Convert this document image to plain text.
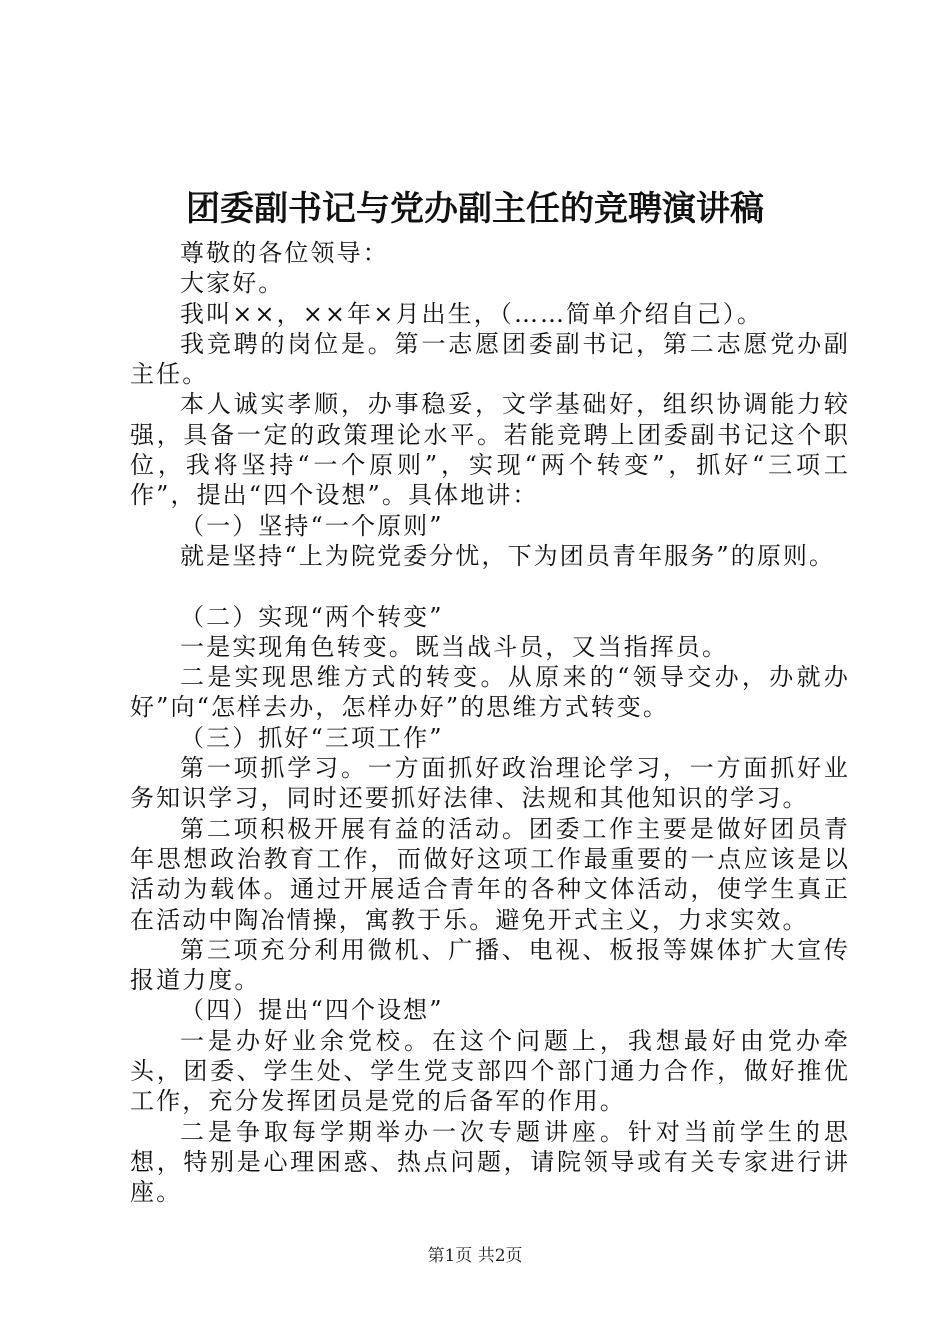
团委副书记与党办副主任的竞聘演讲稿

尊敬的各位领导：

大家好。

我叫××，××年×月出生，（……简单介绍自己）。

我竞聘的岗位是。第一志愿团委副书记，第二志愿党办副主任。

本人诚实孝顺，办事稳妥，文学基础好，组织协调能力较强，具备一定的政策理论水平。若能竞聘上团委副书记这个职位，我将坚持“一个原则”，实现“两个转变”，抓好“三项工作”，提出“四个设想”。具体地讲：

（一）坚持“一个原则”

就是坚持“上为院党委分忧，下为团员青年服务”的原则。

（二）实现“两个转变”

一是实现角色转变。既当战斗员，又当指挥员。

二是实现思维方式的转变。从原来的“领导交办，办就办好”向“怎样去办，怎样办好”的思维方式转变。

（三）抓好“三项工作”

第一项抓学习。一方面抓好政治理论学习，一方面抓好业务知识学习，同时还要抓好法律、法规和其他知识的学习。

第二项积极开展有益的活动。团委工作主要是做好团员青年思想政治教育工作，而做好这项工作最重要的一点应该是以活动为载体。通过开展适合青年的各种文体活动，使学生真正在活动中陶冶情操，寓教于乐。避免开式主义，力求实效。

第三项充分利用微机、广播、电视、板报等媒体扩大宣传报道力度。

（四）提出“四个设想”

一是办好业余党校。在这个问题上，我想最好由党办牵头，团委、学生处、学生党支部四个部门通力合作，做好推优工作，充分发挥团员是党的后备军的作用。

二是争取每学期举办一次专题讲座。针对当前学生的思想，特别是心理困惑、热点问题，请院领导或有关专家进行讲座。

第1页 共2页
